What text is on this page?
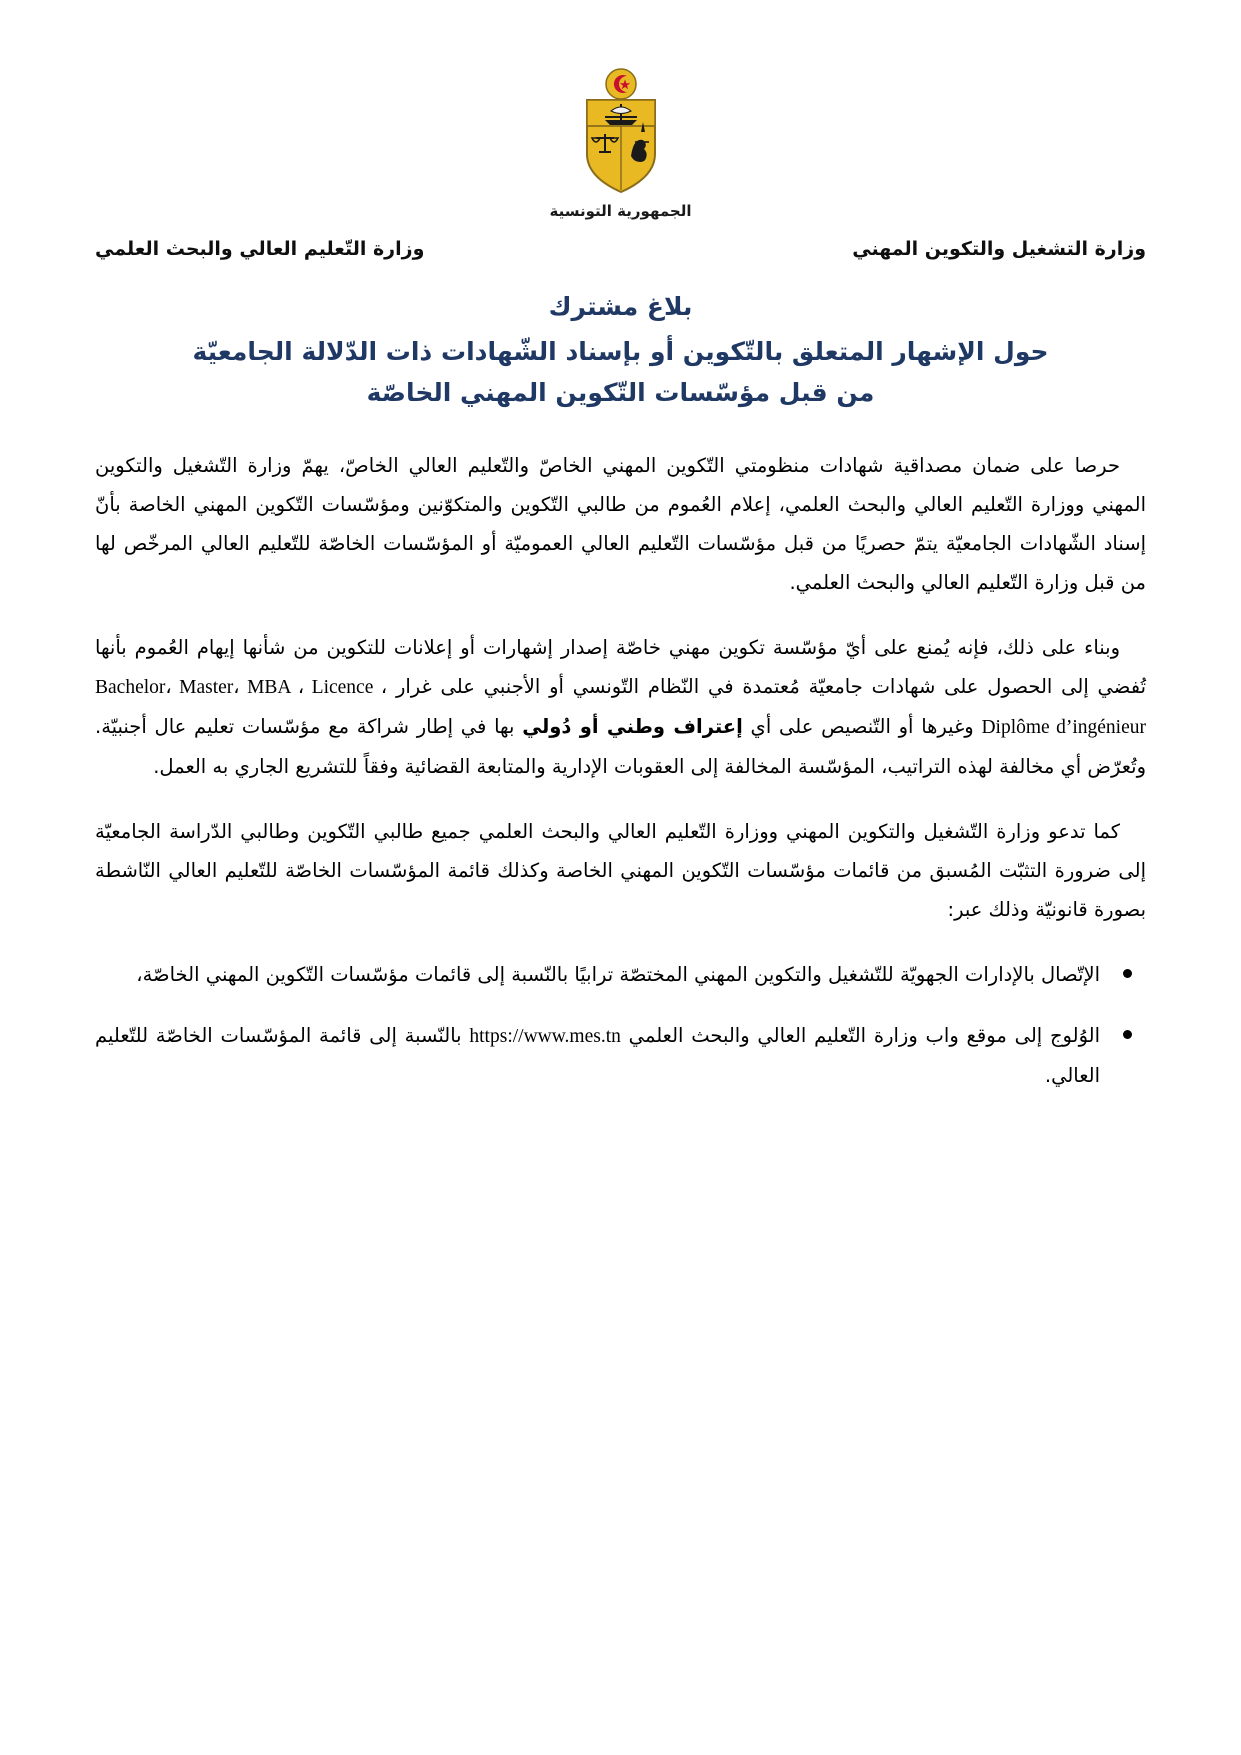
الجمهورية التونسية
وزارة التشغيل والتكوين المهني
وزارة التّعليم العالي والبحث العلمي
بلاغ مشترك
حول الإشهار المتعلق بالتّكوين أو بإسناد الشّهادات ذات الدّلالة الجامعيّة
من قبل مؤسّسات التّكوين المهني الخاصّة

حرصا على ضمان مصداقية شهادات منظومتي التّكوين المهني الخاصّ والتّعليم العالي الخاصّ، يهمّ وزارة التّشغيل والتكوين المهني ووزارة التّعليم العالي والبحث العلمي، إعلام العُموم من طالبي التّكوين والمتكوّنين ومؤسّسات التّكوين المهني الخاصة بأنّ إسناد الشّهادات الجامعيّة يتمّ حصريًا من قبل مؤسّسات التّعليم العالي العموميّة أو المؤسّسات الخاصّة للتّعليم العالي المرخّص لها من قبل وزارة التّعليم العالي والبحث العلمي.

وبناء على ذلك، فإنه يُمنع على أيّ مؤسّسة تكوين مهني خاصّة إصدار إشهارات أو إعلانات للتكوين من شأنها إيهام العُموم بأنها تُفضي إلى الحصول على شهادات جامعيّة مُعتمدة في النّظام التّونسي أو الأجنبي على غرار Bachelor، Master، MBA ، Licence ، Diplôme d’ingénieur وغيرها أو التّنصيص على أي إعتراف وطني أو دُولي بها في إطار شراكة مع مؤسّسات تعليم عال أجنبيّة. وتُعرّض أي مخالفة لهذه التراتيب، المؤسّسة المخالفة إلى العقوبات الإدارية والمتابعة القضائية وفقاً للتشريع الجاري به العمل.

كما تدعو وزارة التّشغيل والتكوين المهني ووزارة التّعليم العالي والبحث العلمي جميع طالبي التّكوين وطالبي الدّراسة الجامعيّة إلى ضرورة التثبّت المُسبق من قائمات مؤسّسات التّكوين المهني الخاصة وكذلك قائمة المؤسّسات الخاصّة للتّعليم العالي النّاشطة بصورة قانونيّة وذلك عبر:

الإتّصال بالإدارات الجهويّة للتّشغيل والتكوين المهني المختصّة ترابيًا بالنّسبة إلى قائمات مؤسّسات التّكوين المهني الخاصّة،
الوُلوج إلى موقع واب وزارة التّعليم العالي والبحث العلمي https://www.mes.tn بالنّسبة إلى قائمة المؤسّسات الخاصّة للتّعليم العالي.
